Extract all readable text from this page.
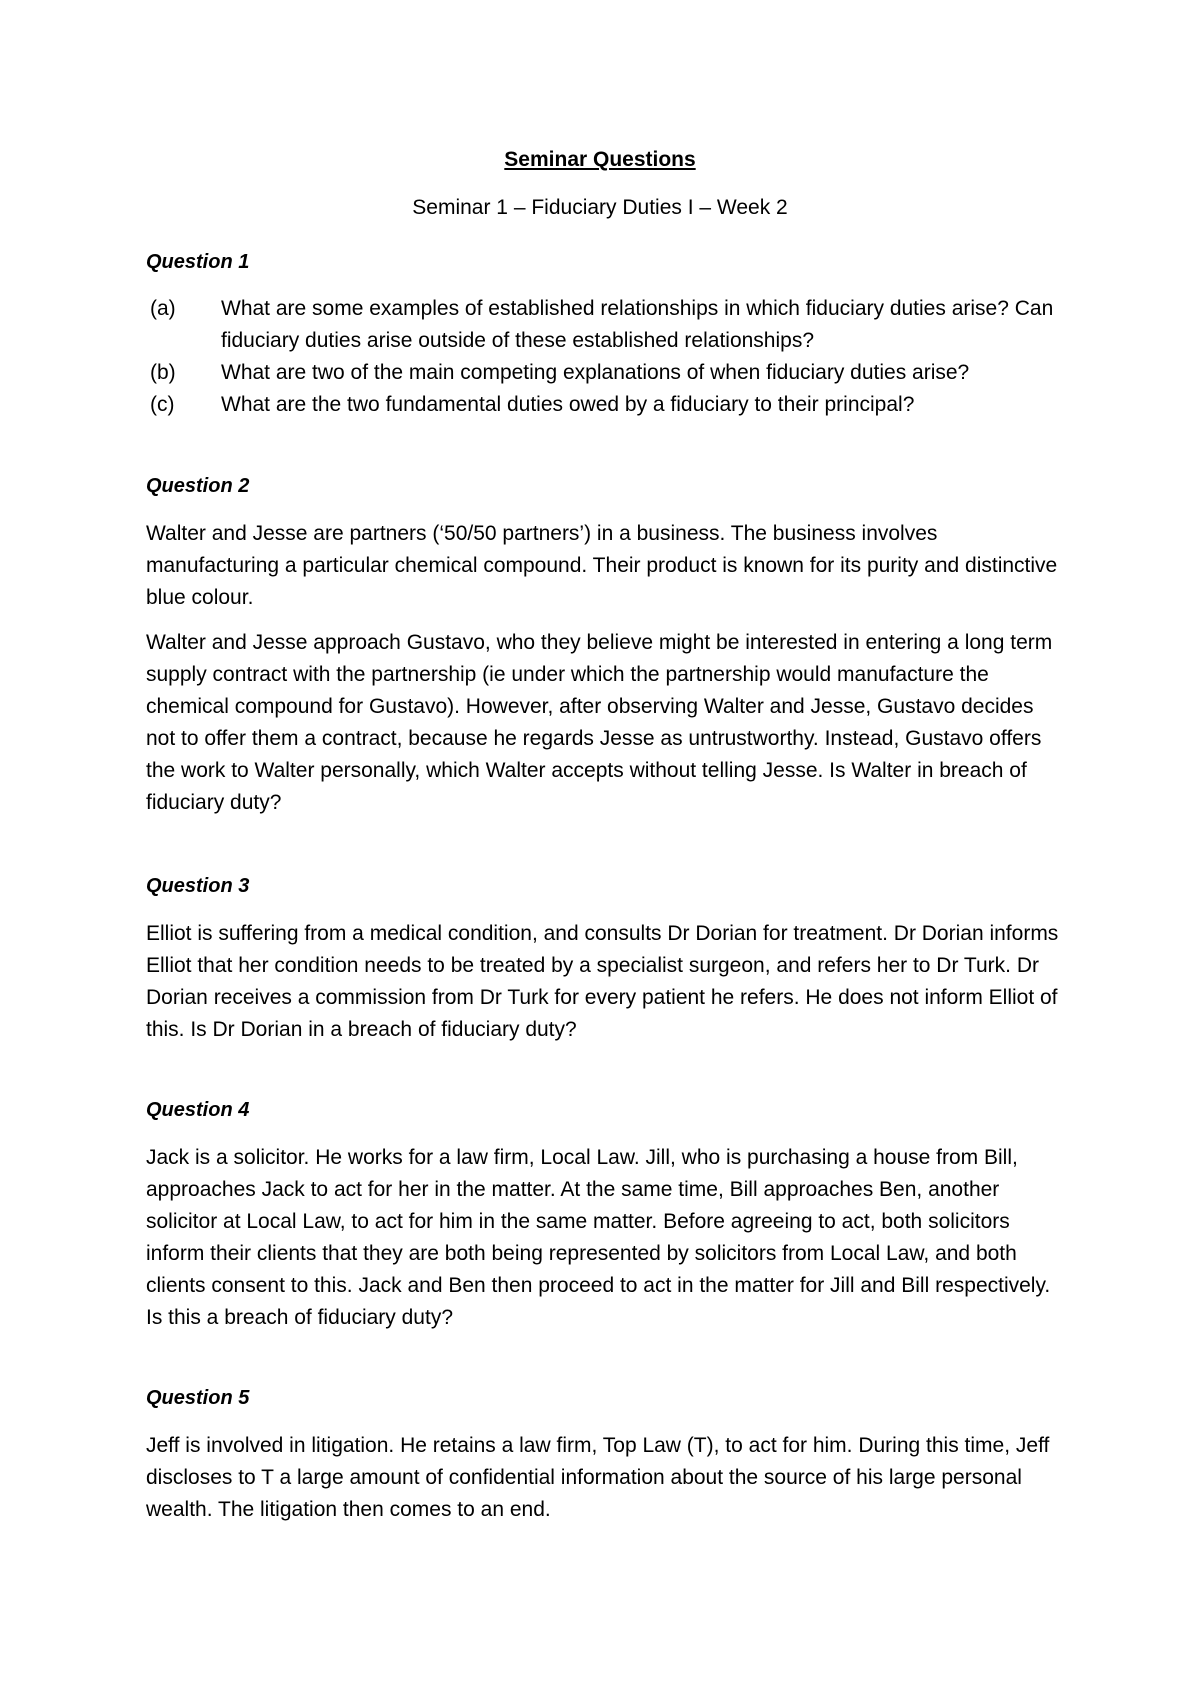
Seminar Questions
Seminar 1 – Fiduciary Duties I – Week 2
Question 1
(a)	What are some examples of established relationships in which fiduciary duties arise? Can fiduciary duties arise outside of these established relationships?
(b)	What are two of the main competing explanations of when fiduciary duties arise?
(c)	What are the two fundamental duties owed by a fiduciary to their principal?
Question 2

Walter and Jesse are partners (‘50/50 partners’) in a business. The business involves manufacturing a particular chemical compound. Their product is known for its purity and distinctive blue colour.

Walter and Jesse approach Gustavo, who they believe might be interested in entering a long term supply contract with the partnership (ie under which the partnership would manufacture the chemical compound for Gustavo). However, after observing Walter and Jesse, Gustavo decides not to offer them a contract, because he regards Jesse as untrustworthy. Instead, Gustavo offers the work to Walter personally, which Walter accepts without telling Jesse. Is Walter in breach of fiduciary duty?

Question 3

Elliot is suffering from a medical condition, and consults Dr Dorian for treatment. Dr Dorian informs Elliot that her condition needs to be treated by a specialist surgeon, and refers her to Dr Turk. Dr Dorian receives a commission from Dr Turk for every patient he refers. He does not inform Elliot of this. Is Dr Dorian in a breach of fiduciary duty?

Question 4

Jack is a solicitor. He works for a law firm, Local Law. Jill, who is purchasing a house from Bill, approaches Jack to act for her in the matter. At the same time, Bill approaches Ben, another solicitor at Local Law, to act for him in the same matter. Before agreeing to act, both solicitors inform their clients that they are both being represented by solicitors from Local Law, and both clients consent to this. Jack and Ben then proceed to act in the matter for Jill and Bill respectively. Is this a breach of fiduciary duty?

Question 5

Jeff is involved in litigation. He retains a law firm, Top Law (T), to act for him. During this time, Jeff discloses to T a large amount of confidential information about the source of his large personal wealth. The litigation then comes to an end.
